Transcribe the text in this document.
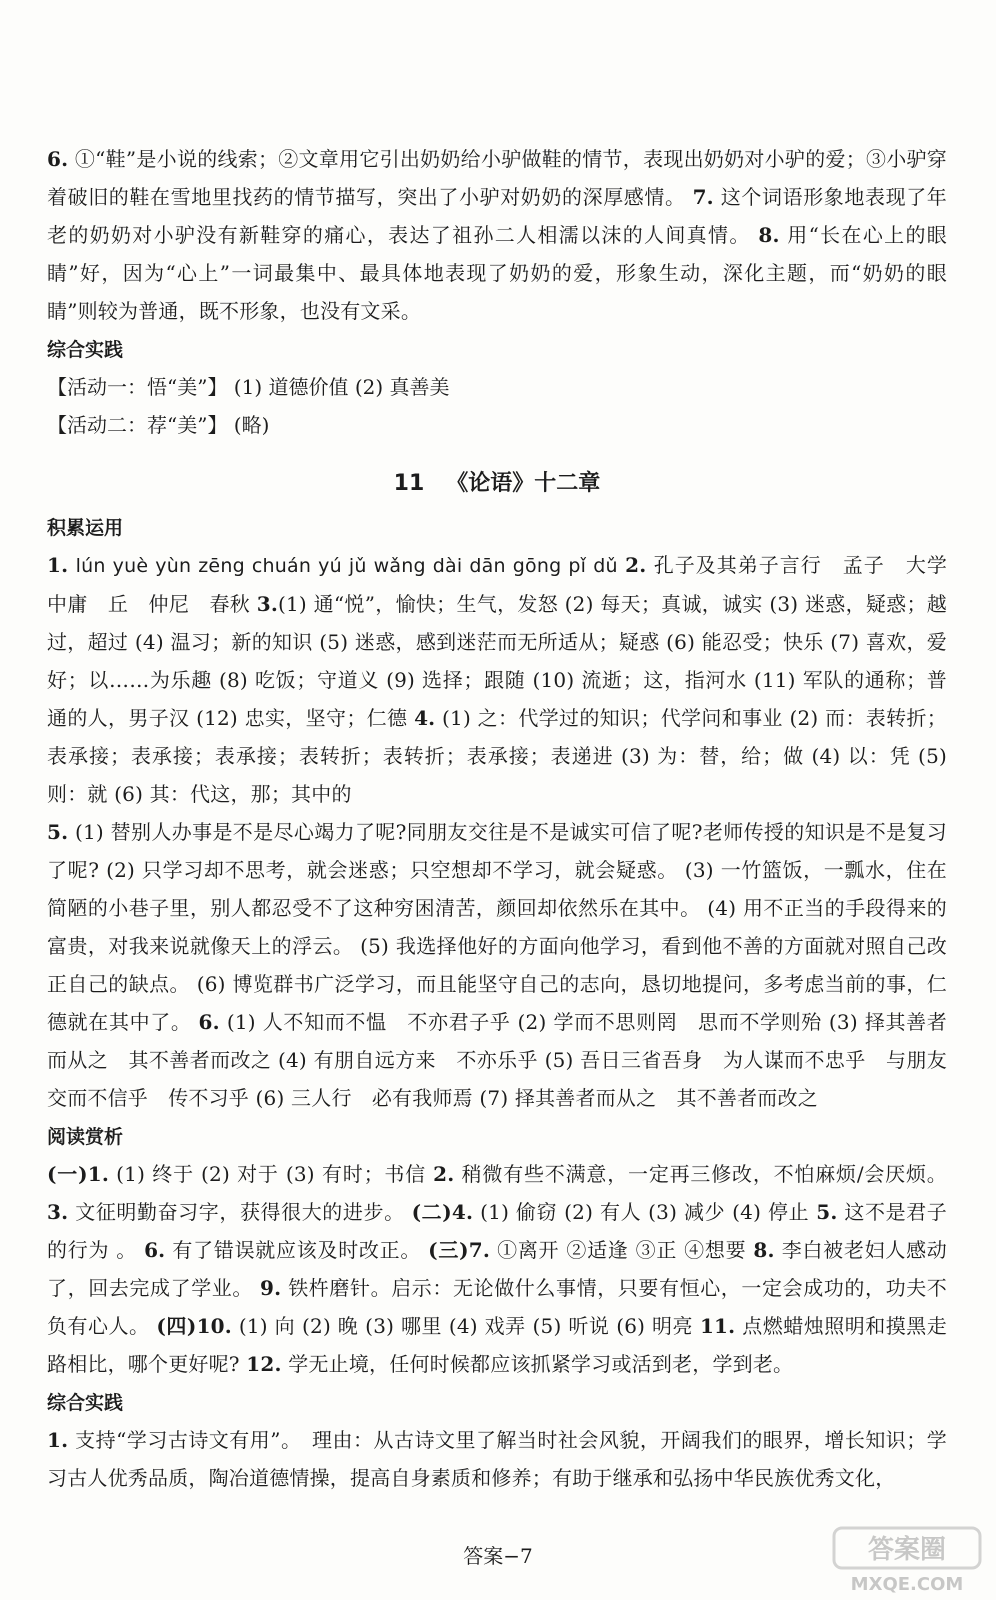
6. ①“鞋”是小说的线索；②文章用它引出奶奶给小驴做鞋的情节，表现出奶奶对小驴的爱；③小驴穿着破旧的鞋在雪地里找药的情节描写，突出了小驴对奶奶的深厚感情。 7. 这个词语形象地表现了年老的奶奶对小驴没有新鞋穿的痛心，表达了祖孙二人相濡以沫的人间真情。 8. 用“长在心上的眼睛”好，因为“心上”一词最集中、最具体地表现了奶奶的爱，形象生动，深化主题，而“奶奶的眼睛”则较为普通，既不形象，也没有文采。

综合实践

【活动一：悟“美”】 (1) 道德价值 (2) 真善美

【活动二：荐“美”】 (略)

11 《论语》十二章
积累运用

1. lún yuè yùn zēng chuán yú jǔ wǎng dài dān gōng pǐ dǔ 2. 孔子及其弟子言行　孟子　大学　中庸　丘　仲尼　春秋 3.(1) 通“悦”，愉快；生气，发怒 (2) 每天；真诚，诚实 (3) 迷惑，疑惑；越过，超过 (4) 温习；新的知识 (5) 迷惑，感到迷茫而无所适从；疑惑 (6) 能忍受；快乐 (7) 喜欢，爱好；以……为乐趣 (8) 吃饭；守道义 (9) 选择；跟随 (10) 流逝；这，指河水 (11) 军队的通称；普通的人，男子汉 (12) 忠实，坚守；仁德 4. (1) 之：代学过的知识；代学问和事业 (2) 而：表转折；表承接；表承接；表承接；表转折；表转折；表承接；表递进 (3) 为：替，给；做 (4) 以：凭 (5) 则：就 (6) 其：代这，那；其中的

5. (1) 替别人办事是不是尽心竭力了呢?同朋友交往是不是诚实可信了呢?老师传授的知识是不是复习了呢? (2) 只学习却不思考，就会迷惑；只空想却不学习，就会疑惑。 (3) 一竹篮饭，一瓢水，住在简陋的小巷子里，别人都忍受不了这种穷困清苦，颜回却依然乐在其中。 (4) 用不正当的手段得来的富贵，对我来说就像天上的浮云。 (5) 我选择他好的方面向他学习，看到他不善的方面就对照自己改正自己的缺点。 (6) 博览群书广泛学习，而且能坚守自己的志向，恳切地提问，多考虑当前的事，仁德就在其中了。 6. (1) 人不知而不愠　不亦君子乎 (2) 学而不思则罔　思而不学则殆 (3) 择其善者而从之　其不善者而改之 (4) 有朋自远方来　不亦乐乎 (5) 吾日三省吾身　为人谋而不忠乎　与朋友交而不信乎　传不习乎 (6) 三人行　必有我师焉 (7) 择其善者而从之　其不善者而改之

阅读赏析

(一)1. (1) 终于 (2) 对于 (3) 有时；书信 2. 稍微有些不满意，一定再三修改，不怕麻烦/会厌烦。 3. 文征明勤奋习字，获得很大的进步。 (二)4. (1) 偷窃 (2) 有人 (3) 减少 (4) 停止 5. 这不是君子的行为 。 6. 有了错误就应该及时改正。 (三)7. ①离开 ②适逢 ③正 ④想要 8. 李白被老妇人感动了，回去完成了学业。 9. 铁杵磨针。启示：无论做什么事情，只要有恒心，一定会成功的，功夫不负有心人。 (四)10. (1) 向 (2) 晚 (3) 哪里 (4) 戏弄 (5) 听说 (6) 明亮 11. 点燃蜡烛照明和摸黑走路相比，哪个更好呢? 12. 学无止境，任何时候都应该抓紧学习或活到老，学到老。

综合实践

1. 支持“学习古诗文有用”。　理由：从古诗文里了解当时社会风貌，开阔我们的眼界，增长知识；学习古人优秀品质，陶冶道德情操，提高自身素质和修养；有助于继承和弘扬中华民族优秀文化，

答案−7	答案圈
MXQE.COM
